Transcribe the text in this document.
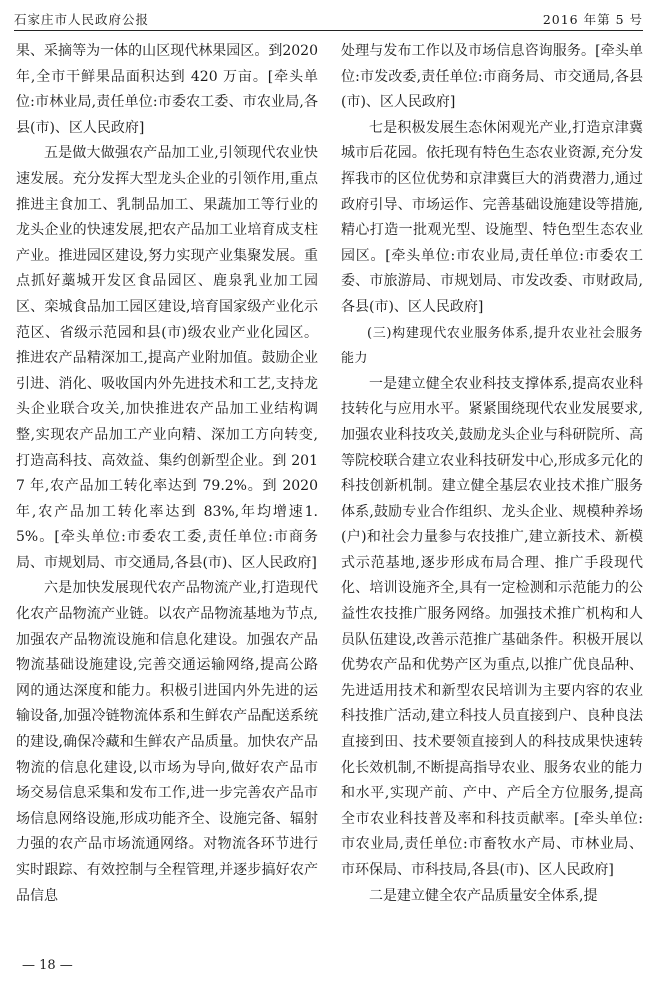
石家庄市人民政府公报	2016 年第 5 号

果、采摘等为一体的山区现代林果园区。到2020 年,全市干鲜果品面积达到 420 万亩。[牵头单位:市林业局,责任单位:市委农工委、市农业局,各县(市)、区人民政府]

五是做大做强农产品加工业,引领现代农业快速发展。充分发挥大型龙头企业的引领作用,重点推进主食加工、乳制品加工、果蔬加工等行业的龙头企业的快速发展,把农产品加工业培育成支柱产业。推进园区建设,努力实现产业集聚发展。重点抓好藁城开发区食品园区、鹿泉乳业加工园区、栾城食品加工园区建设,培育国家级产业化示范区、省级示范园和县(市)级农业产业化园区。推进农产品精深加工,提高产业附加值。鼓励企业引进、消化、吸收国内外先进技术和工艺,支持龙头企业联合攻关,加快推进农产品加工业结构调整,实现农产品加工产业向精、深加工方向转变,打造高科技、高效益、集约创新型企业。到 2017 年,农产品加工转化率达到 79.2%。到 2020 年,农产品加工转化率达到 83%,年均增速1.5%。[牵头单位:市委农工委,责任单位:市商务局、市规划局、市交通局,各县(市)、区人民政府]

六是加快发展现代农产品物流产业,打造现代化农产品物流产业链。以农产品物流基地为节点,加强农产品物流设施和信息化建设。加强农产品物流基础设施建设,完善交通运输网络,提高公路网的通达深度和能力。积极引进国内外先进的运输设备,加强冷链物流体系和生鲜农产品配送系统的建设,确保冷藏和生鲜农产品质量。加快农产品物流的信息化建设,以市场为导向,做好农产品市场交易信息采集和发布工作,进一步完善农产品市场信息网络设施,形成功能齐全、设施完备、辐射力强的农产品市场流通网络。对物流各环节进行实时跟踪、有效控制与全程管理,并逐步搞好农产品信息

处理与发布工作以及市场信息咨询服务。[牵头单位:市发改委,责任单位:市商务局、市交通局,各县(市)、区人民政府]

七是积极发展生态休闲观光产业,打造京津冀城市后花园。依托现有特色生态农业资源,充分发挥我市的区位优势和京津冀巨大的消费潜力,通过政府引导、市场运作、完善基础设施建设等措施,精心打造一批观光型、设施型、特色型生态农业园区。[牵头单位:市农业局,责任单位:市委农工委、市旅游局、市规划局、市发改委、市财政局,各县(市)、区人民政府]

(三)构建现代农业服务体系,提升农业社会服务能力

一是建立健全农业科技支撑体系,提高农业科技转化与应用水平。紧紧围绕现代农业发展要求,加强农业科技攻关,鼓励龙头企业与科研院所、高等院校联合建立农业科技研发中心,形成多元化的科技创新机制。建立健全基层农业技术推广服务体系,鼓励专业合作组织、龙头企业、规模种养场(户)和社会力量参与农技推广,建立新技术、新模式示范基地,逐步形成布局合理、推广手段现代化、培训设施齐全,具有一定检测和示范能力的公益性农技推广服务网络。加强技术推广机构和人员队伍建设,改善示范推广基础条件。积极开展以优势农产品和优势产区为重点,以推广优良品种、先进适用技术和新型农民培训为主要内容的农业科技推广活动,建立科技人员直接到户、良种良法直接到田、技术要领直接到人的科技成果快速转化长效机制,不断提高指导农业、服务农业的能力和水平,实现产前、产中、产后全方位服务,提高全市农业科技普及率和科技贡献率。[牵头单位:市农业局,责任单位:市畜牧水产局、市林业局、市环保局、市科技局,各县(市)、区人民政府]

二是建立健全农产品质量安全体系,提

— 18 —
